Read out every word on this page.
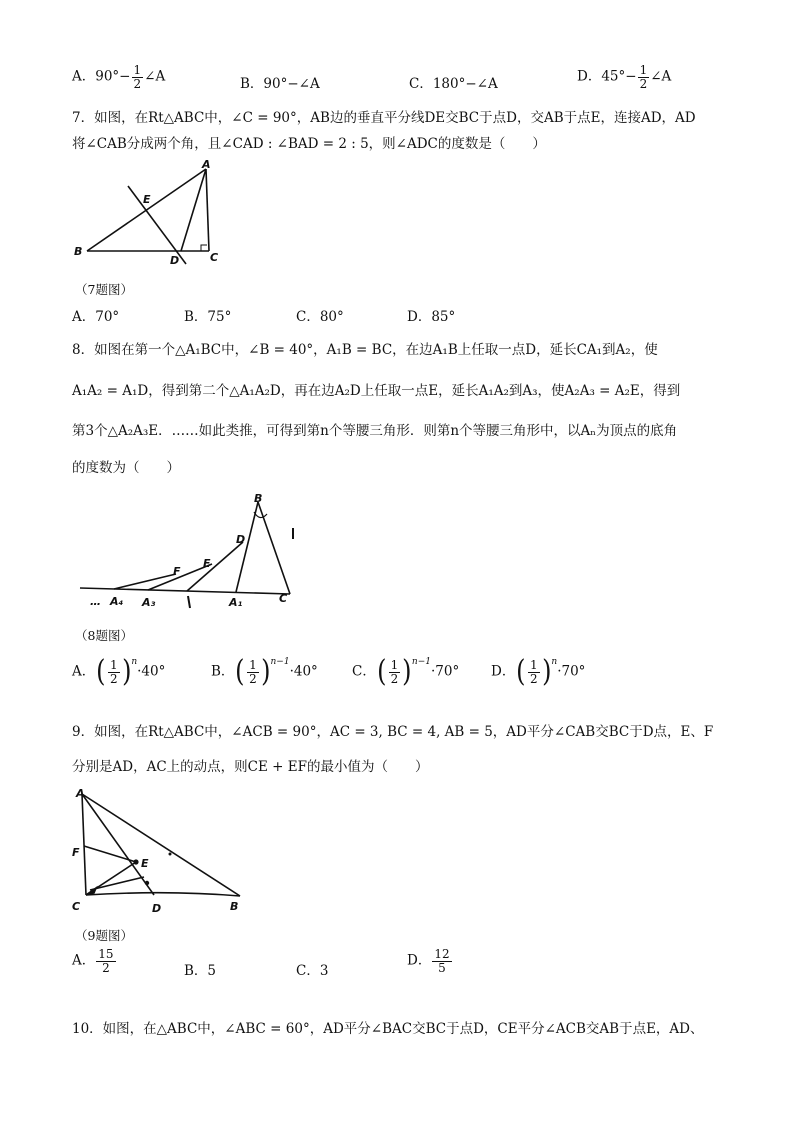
A．$90^\circ- \frac{1}{2}$ ∠A	B．90°−∠A	C．180°−∠A	D．$45^\circ- \frac{1}{2}$ ∠A
7．如图，在Rt△ABC中，∠C = 90°，AB边的垂直平分线DE交BC于点D，交AB于点E，连接AD，AD
将∠CAB分成两个角，且∠CAD : ∠BAD = 2 : 5，则∠ADC的度数是（　　）
A
E
B
D	C
（7题图）
A．70°	B．75°	C．80°	D．85°
8．如图在第一个△A₁BC中，∠B = 40°，A₁B = BC，在边A₁B上任取一点D，延长CA₁到A₂，使
A₁A₂ = A₁D，得到第二个△A₁A₂D，再在边A₂D上任取一点E，延长A₁A₂到A₃，使A₂A₃ = A₂E，得到
第3个△A₂A₃E．……如此类推，可得到第n个等腰三角形．则第n个等腰三角形中，以Aₙ为顶点的底角
的度数为（　　）
B
D
E
F
… A₄ A₃	A₁	C
（8题图）
A．( $\frac{1}{2} )^n\cdot 40^\circ$	B．( $\frac{1}{2} )^{n-1}\cdot 40^\circ$	C．( $\frac{1}{2} )^{n-1}\cdot 70^\circ$ D．( $\frac{1}{2} )^n\cdot 70^\circ$
9．如图，在Rt△ABC中，∠ACB = 90°，AC = 3, BC = 4, AB = 5，AD平分∠CAB交BC于D点，E、F
分别是AD，AC上的动点，则CE + EF的最小值为（　　）
A
F
E
C	D	B
（9题图）
A． $\frac{15}{2}$	B．5	C．3
D． $\frac{12}{5}$
10．如图，在△ABC中，∠ABC = 60°，AD平分∠BAC交BC于点D，CE平分∠ACB交AB于点E，AD、
